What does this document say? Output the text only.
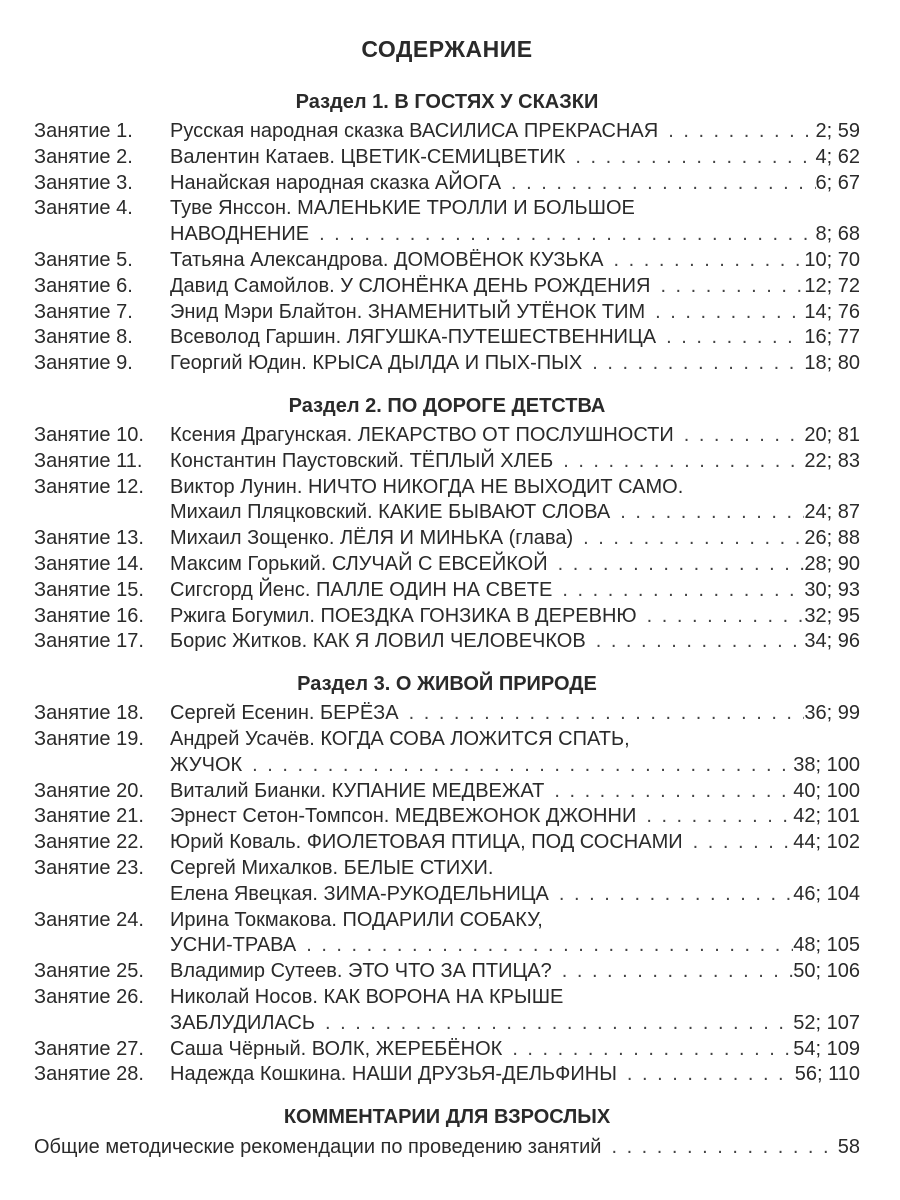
СОДЕРЖАНИЕ
Раздел 1. В ГОСТЯХ У СКАЗКИ
Занятие 1.	Русская народная сказка ВАСИЛИСА ПРЕКРАСНАЯ . . .	2; 59
Занятие 2.	Валентин Катаев. ЦВЕТИК-СЕМИЦВЕТИК . . .	4; 62
Занятие 3.	Нанайская народная сказка АЙОГА . . .	6; 67
Занятие 4.	Туве Янссон. МАЛЕНЬКИЕ ТРОЛЛИ И БОЛЬШОЕ
НАВОДНЕНИЕ . . .	8; 68
Занятие 5.	Татьяна Александрова. ДОМОВЁНОК КУЗЬКА . . .	10; 70
Занятие 6.	Давид Самойлов. У СЛОНЁНКА ДЕНЬ РОЖДЕНИЯ . . .	12; 72
Занятие 7.	Энид Мэри Блайтон. ЗНАМЕНИТЫЙ УТЁНОК ТИМ . . .	14; 76
Занятие 8.	Всеволод Гаршин. ЛЯГУШКА-ПУТЕШЕСТВЕННИЦА . . .	16; 77
Занятие 9.	Георгий Юдин. КРЫСА ДЫЛДА И ПЫХ-ПЫХ . . .	18; 80
Раздел 2. ПО ДОРОГЕ ДЕТСТВА
Занятие 10.	Ксения Драгунская. ЛЕКАРСТВО ОТ ПОСЛУШНОСТИ . . .	20; 81
Занятие 11.	Константин Паустовский. ТЁПЛЫЙ ХЛЕБ . . .	22; 83
Занятие 12.	Виктор Лунин. НИЧТО НИКОГДА НЕ ВЫХОДИТ САМО.
Михаил Пляцковский. КАКИЕ БЫВАЮТ СЛОВА . . .	24; 87
Занятие 13.	Михаил Зощенко. ЛЁЛЯ И МИНЬКА (глава) . . .	26; 88
Занятие 14.	Максим Горький. СЛУЧАЙ С ЕВСЕЙКОЙ . . .	28; 90
Занятие 15.	Сигсгорд Йенс. ПАЛЛЕ ОДИН НА СВЕТЕ . . .	30; 93
Занятие 16.	Ржига Богумил. ПОЕЗДКА ГОНЗИКА В ДЕРЕВНЮ . . .	32; 95
Занятие 17.	Борис Житков. КАК Я ЛОВИЛ ЧЕЛОВЕЧКОВ . . .	34; 96
Раздел 3. О ЖИВОЙ ПРИРОДЕ
Занятие 18.	Сергей Есенин. БЕРЁЗА . . .	36; 99
Занятие 19.	Андрей Усачёв. КОГДА СОВА ЛОЖИТСЯ СПАТЬ,
ЖУЧОК . . .	38; 100
Занятие 20.	Виталий Бианки. КУПАНИЕ МЕДВЕЖАТ . . .	40; 100
Занятие 21.	Эрнест Сетон-Томпсон. МЕДВЕЖОНОК ДЖОННИ . . .	42; 101
Занятие 22.	Юрий Коваль. ФИОЛЕТОВАЯ ПТИЦА, ПОД СОСНАМИ . . .	44; 102
Занятие 23.	Сергей Михалков. БЕЛЫЕ СТИХИ.
Елена Явецкая. ЗИМА-РУКОДЕЛЬНИЦА . . .	46; 104
Занятие 24.	Ирина Токмакова. ПОДАРИЛИ СОБАКУ,
УСНИ-ТРАВА . . .	48; 105
Занятие 25.	Владимир Сутеев. ЭТО ЧТО ЗА ПТИЦА? . . .	50; 106
Занятие 26.	Николай Носов. КАК ВОРОНА НА КРЫШЕ
ЗАБЛУДИЛАСЬ . . .	52; 107
Занятие 27.	Саша Чёрный. ВОЛК, ЖЕРЕБЁНОК . . .	54; 109
Занятие 28.	Надежда Кошкина. НАШИ ДРУЗЬЯ-ДЕЛЬФИНЫ . . .	56; 110
КОММЕНТАРИИ ДЛЯ ВЗРОСЛЫХ
Общие методические рекомендации по проведению занятий . . .	58
